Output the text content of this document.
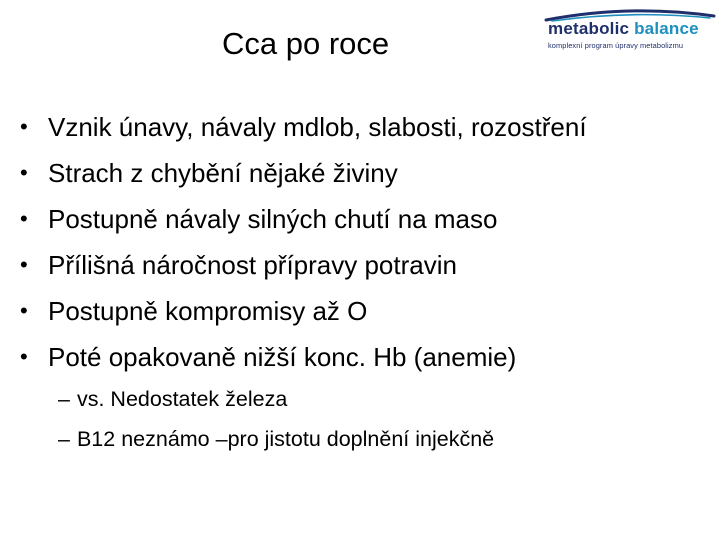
Cca po roce	metabolic balance
komplexní program úpravy metabolizmu
• Vznik únavy, návaly mdlob, slabosti, rozostření
• Strach z chybění nějaké živiny
• Postupně návaly silných chutí na maso
• Přílišná náročnost přípravy potravin
• Postupně kompromisy až O
• Poté opakovaně nižší konc. Hb (anemie)
– vs. Nedostatek železa
– B12 neznámo –pro jistotu doplnění injekčně
